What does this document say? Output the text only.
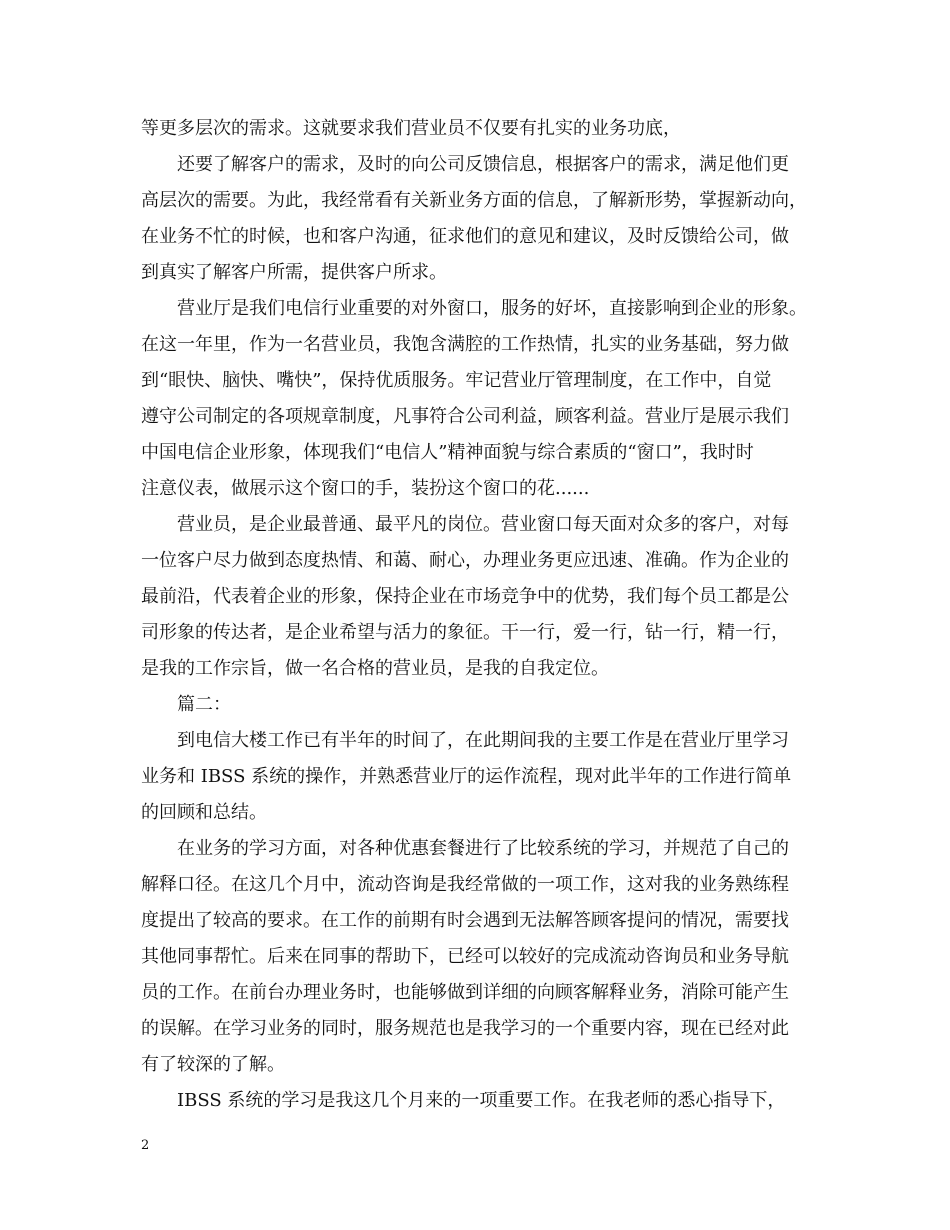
等更多层次的需求。这就要求我们营业员不仅要有扎实的业务功底，
还要了解客户的需求，及时的向公司反馈信息，根据客户的需求，满足他们更
高层次的需要。为此，我经常看有关新业务方面的信息，了解新形势，掌握新动向，
在业务不忙的时候，也和客户沟通，征求他们的意见和建议，及时反馈给公司，做
到真实了解客户所需，提供客户所求。
营业厅是我们电信行业重要的对外窗口，服务的好坏，直接影响到企业的形象。
在这一年里，作为一名营业员，我饱含满腔的工作热情，扎实的业务基础，努力做
到“眼快、脑快、嘴快”，保持优质服务。牢记营业厅管理制度，在工作中，自觉
遵守公司制定的各项规章制度，凡事符合公司利益，顾客利益。营业厅是展示我们
中国电信企业形象，体现我们“电信人”精神面貌与综合素质的“窗口”，我时时
注意仪表，做展示这个窗口的手，装扮这个窗口的花......
营业员，是企业最普通、最平凡的岗位。营业窗口每天面对众多的客户，对每
一位客户尽力做到态度热情、和蔼、耐心，办理业务更应迅速、准确。作为企业的
最前沿，代表着企业的形象，保持企业在市场竞争中的优势，我们每个员工都是公
司形象的传达者，是企业希望与活力的象征。干一行，爱一行，钻一行，精一行，
是我的工作宗旨，做一名合格的营业员，是我的自我定位。
篇二：
到电信大楼工作已有半年的时间了，在此期间我的主要工作是在营业厅里学习
业务和 IBSS 系统的操作，并熟悉营业厅的运作流程，现对此半年的工作进行简单
的回顾和总结。
在业务的学习方面，对各种优惠套餐进行了比较系统的学习，并规范了自己的
解释口径。在这几个月中，流动咨询是我经常做的一项工作，这对我的业务熟练程
度提出了较高的要求。在工作的前期有时会遇到无法解答顾客提问的情况，需要找
其他同事帮忙。后来在同事的帮助下，已经可以较好的完成流动咨询员和业务导航
员的工作。在前台办理业务时，也能够做到详细的向顾客解释业务，消除可能产生
的误解。在学习业务的同时，服务规范也是我学习的一个重要内容，现在已经对此
有了较深的了解。
IBSS 系统的学习是我这几个月来的一项重要工作。在我老师的悉心指导下，
2
